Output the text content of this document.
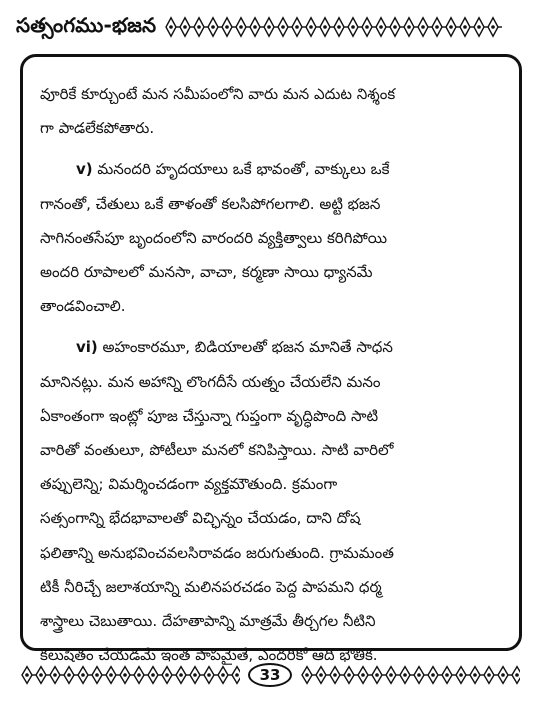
సత్సంగము-భజన

వూరికే కూర్చుంటే మన సమీపంలోని వారు మన ఎదుట నిశ్శంక
గా పాడలేకపోతారు.

v) మనందరి హృదయాలు ఒకే భావంతో, వాక్కులు ఒకే
గానంతో, చేతులు ఒకే తాళంతో కలసిపోగలగాలి. అట్టి భజన
సాగినంతసేపూ బృందంలోని వారందరి వ్యక్తిత్వాలు కరిగిపోయి
అందరి రూపాలలో మనసా, వాచా, కర్మణా సాయి ధ్యానమే
తాండవించాలి.

vi) అహంకారమూ, బిడియాలతో భజన మానితే సాధన
మానినట్లు. మన అహాన్ని లొంగదీసే యత్నం చేయలేని మనం
ఏకాంతంగా ఇంట్లో పూజ చేస్తున్నా గుప్తంగా వృద్ధిపొంది సాటి
వారితో వంతులూ, పోటీలూ మనలో కనిపిస్తాయి. సాటి వారిలో
తప్పులెన్ని; విమర్శించడంగా వ్యక్తమౌతుంది. క్రమంగా
సత్సంగాన్ని భేదభావాలతో విచ్ఛిన్నం చేయడం, దాని దోష
ఫలితాన్ని అనుభవించవలసిరావడం జరుగుతుంది. గ్రామమంత
టికీ నీరిచ్చే జలాశయాన్ని మలినపరచడం పెద్ద పాపమని ధర్మ
శాస్త్రాలు చెబుతాయి. దేహతాపాన్ని మాత్రమే తీర్చగల నీటిని
కలుషితం చేయడమే ఇంత పాపమైతే, ఎందరికో ఆది భౌతిక.

33
